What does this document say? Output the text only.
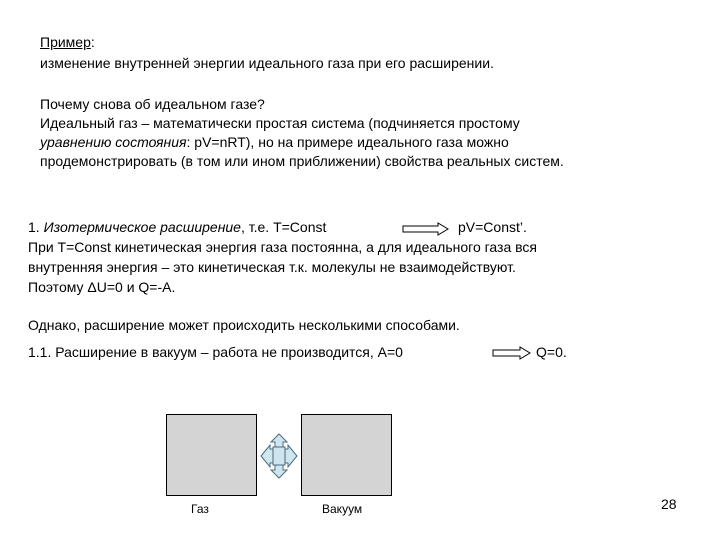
Пример:
изменение внутренней энергии идеального газа при его расширении.
Почему снова об идеальном газе?
Идеальный газ – математически простая система (подчиняется простому
уравнению состояния: pV=nRT), но на примере идеального газа можно
продемонстрировать (в том или ином приближении) свойства реальных систем.
1. Изотермическое расширение, т.е. T=Const	pV=Const’.
При T=Const кинетическая энергия газа постоянна, а для идеального газа вся
внутренняя энергия – это кинетическая т.к. молекулы не взаимодействуют.
Поэтому ΔU=0 и Q=-A.
Однако, расширение может происходить несколькими способами.
1.1. Расширение в вакуум – работа не производится, А=0	Q=0.
Газ	Вакуум	28
